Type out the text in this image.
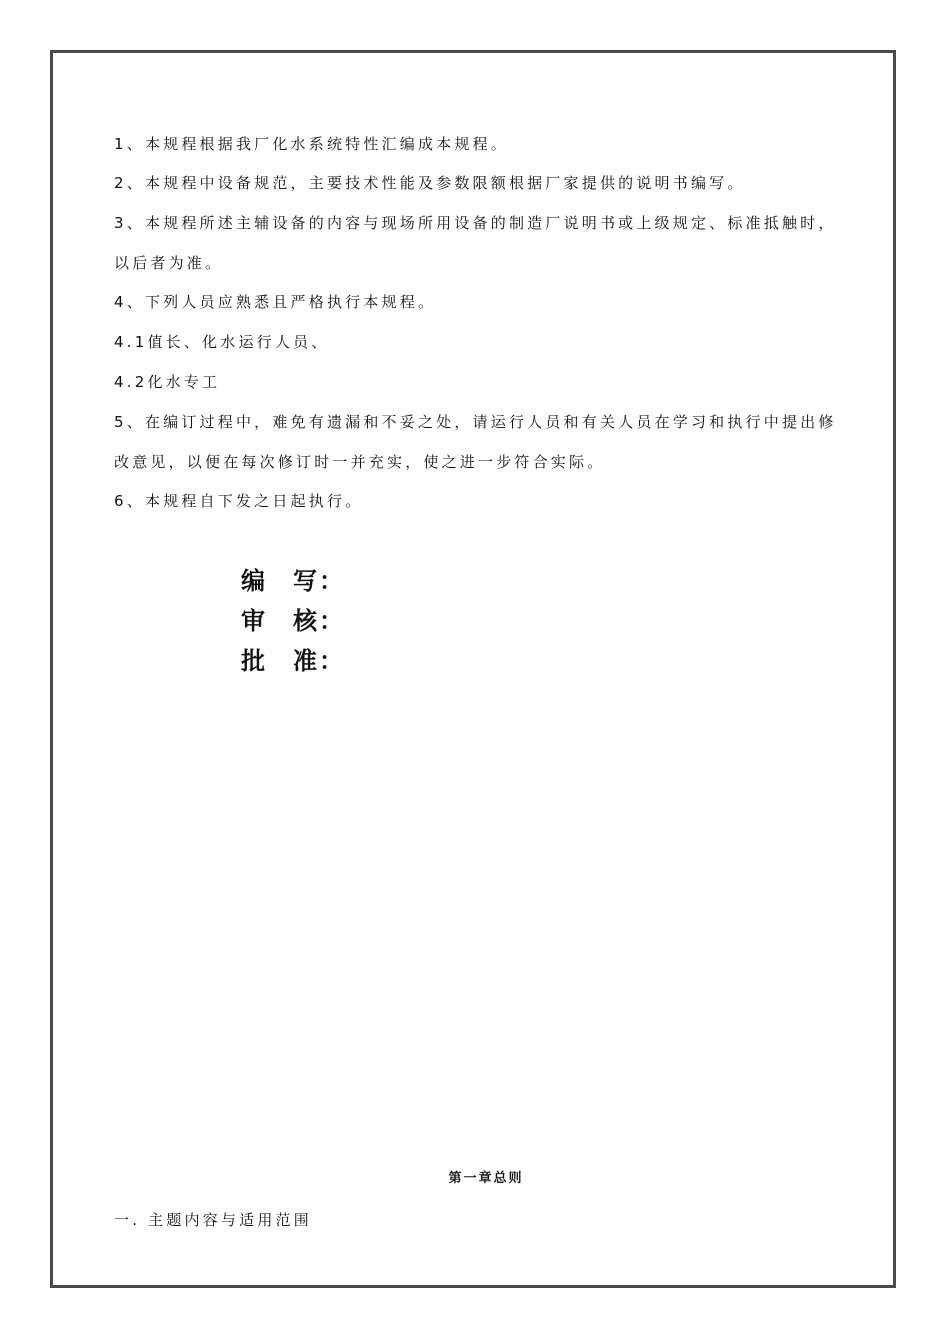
1、本规程根据我厂化水系统特性汇编成本规程。
2、本规程中设备规范，主要技术性能及参数限额根据厂家提供的说明书编写。
3、本规程所述主辅设备的内容与现场所用设备的制造厂说明书或上级规定、标准抵触时，
以后者为准。
4、下列人员应熟悉且严格执行本规程。
4.1值长、化水运行人员、
4.2化水专工
5、在编订过程中，难免有遗漏和不妥之处，请运行人员和有关人员在学习和执行中提出修
改意见，以便在每次修订时一并充实，使之进一步符合实际。
6、本规程自下发之日起执行。
编　写：
审　核：
批　准：
第一章总则
一. 主题内容与适用范围
